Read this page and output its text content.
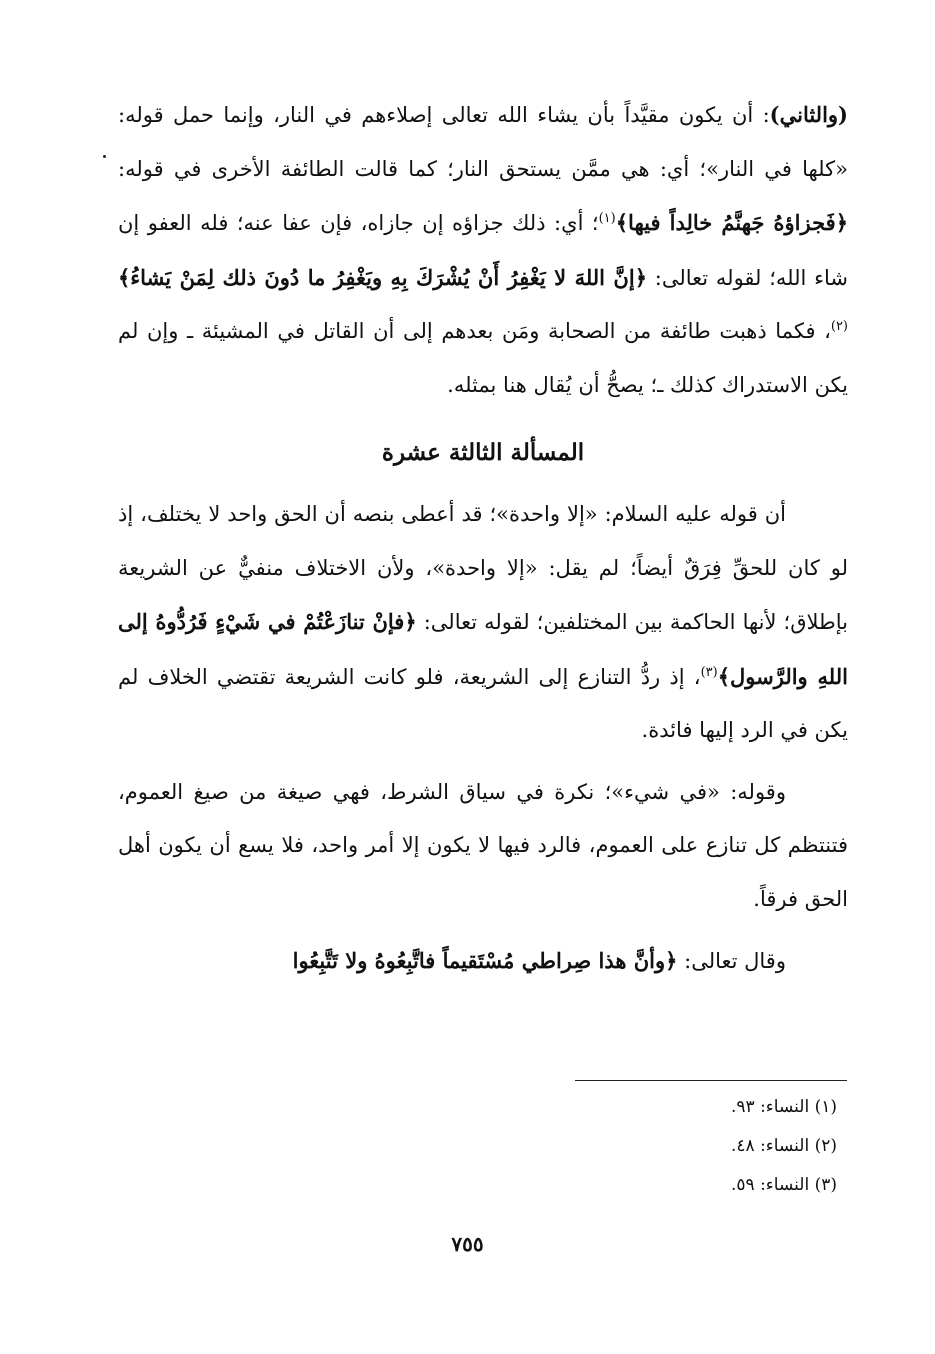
(والثاني): أن يكون مقيَّداً بأن يشاء الله تعالى إصلاءهم في النار، وإنما حمل قوله: «كلها في النار»؛ أي: هي ممَّن يستحق النار؛ كما قالت الطائفة الأخرى في قوله: ﴿فَجزاؤهُ جَهنَّمُ خالِداً فيها﴾$^{(١)}$؛ أي: ذلك جزاؤه إن جازاه، فإن عفا عنه؛ فله العفو إن شاء الله؛ لقوله تعالى: ﴿إنَّ اللهَ لا يَغْفِرُ أَنْ يُشْرَكَ بِهِ ويَغْفِرُ ما دُونَ ذلك لِمَنْ يَشاءُ﴾$^{(٢)}$، فكما ذهبت طائفة من الصحابة ومَن بعدهم إلى أن القاتل في المشيئة ـ وإن لم يكن الاستدراك كذلك ـ؛ يصحُّ أن يُقال هنا بمثله.

المسألة الثالثة عشرة

أن قوله عليه السلام: «إلا واحدة»؛ قد أعطى بنصه أن الحق واحد لا يختلف، إذ لو كان للحقِّ فِرَقٌ أيضاً؛ لم يقل: «إلا واحدة»، ولأن الاختلاف منفيٌّ عن الشريعة بإطلاق؛ لأنها الحاكمة بين المختلفين؛ لقوله تعالى: ﴿فإنْ تنازَعْتُمْ في شَيْءٍ فَرُدُّوهُ إلى اللهِ والرَّسول﴾$^{(٣)}$، إذ ردُّ التنازع إلى الشريعة، فلو كانت الشريعة تقتضي الخلاف لم يكن في الرد إليها فائدة.

وقوله: «في شيء»؛ نكرة في سياق الشرط، فهي صيغة من صيغ العموم، فتنتظم كل تنازع على العموم، فالرد فيها لا يكون إلا أمر واحد، فلا يسع أن يكون أهل الحق فرقاً.

وقال تعالى: ﴿وأنَّ هذا صِراطي مُسْتَقيماً فاتَّبِعُوهُ ولا تَتَّبِعُوا

(١) النساء: ٩٣.

(٢) النساء: ٤٨.

(٣) النساء: ٥٩.

٧٥٥
